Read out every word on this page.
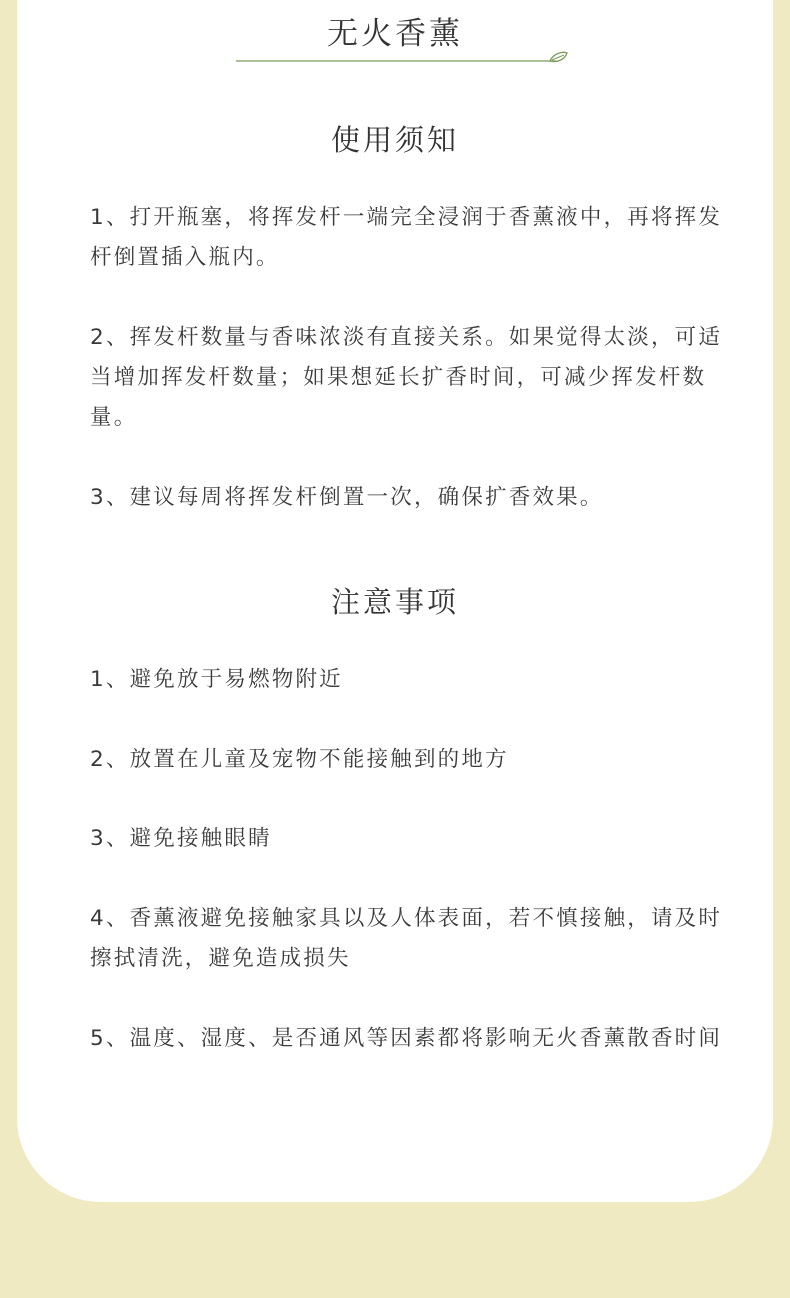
无火香薰
使用须知

1、打开瓶塞，将挥发杆一端完全浸润于香薰液中，再将挥发杆倒置插入瓶内。

2、挥发杆数量与香味浓淡有直接关系。如果觉得太淡，可适当增加挥发杆数量；如果想延长扩香时间，可减少挥发杆数量。

3、建议每周将挥发杆倒置一次，确保扩香效果。

注意事项

1、避免放于易燃物附近

2、放置在儿童及宠物不能接触到的地方

3、避免接触眼睛

4、香薰液避免接触家具以及人体表面，若不慎接触，请及时擦拭清洗，避免造成损失

5、温度、湿度、是否通风等因素都将影响无火香薰散香时间
